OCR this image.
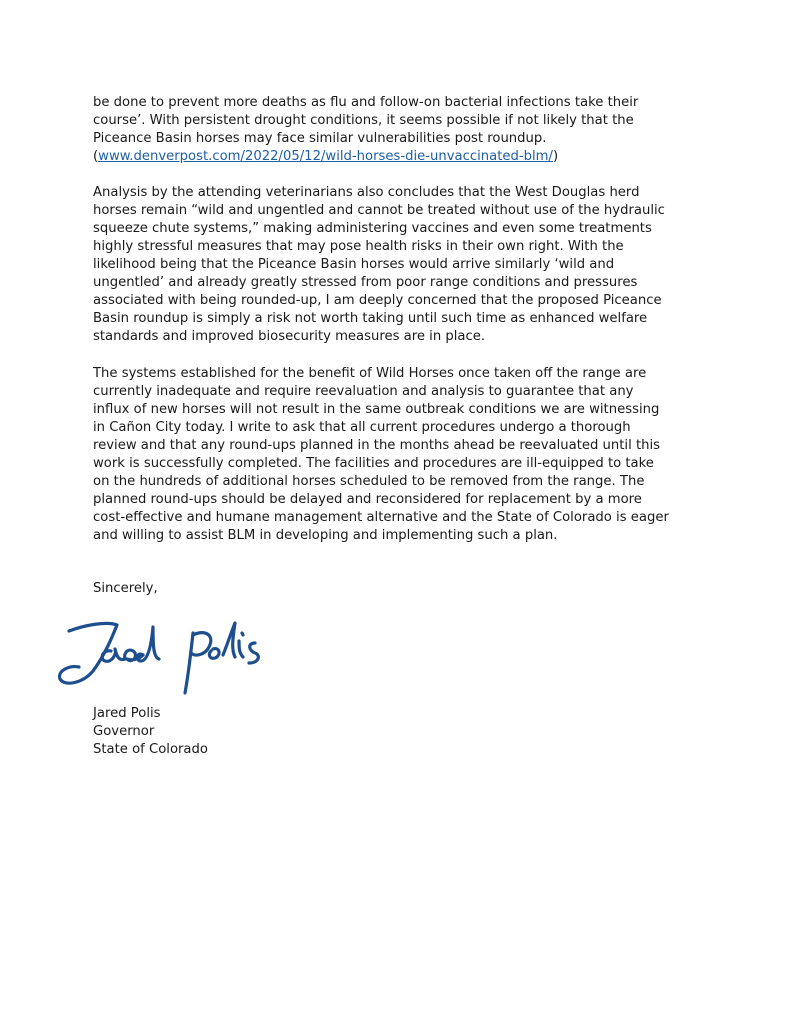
be done to prevent more deaths as flu and follow-on bacterial infections take their
course’. With persistent drought conditions, it seems possible if not likely that the
Piceance Basin horses may face similar vulnerabilities post roundup.
(www.denverpost.com/2022/05/12/wild-horses-die-unvaccinated-blm/)
Analysis by the attending veterinarians also concludes that the West Douglas herd
horses remain “wild and ungentled and cannot be treated without use of the hydraulic
squeeze chute systems,” making administering vaccines and even some treatments
highly stressful measures that may pose health risks in their own right. With the
likelihood being that the Piceance Basin horses would arrive similarly ‘wild and
ungentled’ and already greatly stressed from poor range conditions and pressures
associated with being rounded-up, I am deeply concerned that the proposed Piceance
Basin roundup is simply a risk not worth taking until such time as enhanced welfare
standards and improved biosecurity measures are in place.
The systems established for the benefit of Wild Horses once taken off the range are
currently inadequate and require reevaluation and analysis to guarantee that any
influx of new horses will not result in the same outbreak conditions we are witnessing
in Cañon City today. I write to ask that all current procedures undergo a thorough
review and that any round-ups planned in the months ahead be reevaluated until this
work is successfully completed. The facilities and procedures are ill-equipped to take
on the hundreds of additional horses scheduled to be removed from the range. The
planned round-ups should be delayed and reconsidered for replacement by a more
cost-effective and humane management alternative and the State of Colorado is eager
and willing to assist BLM in developing and implementing such a plan.
Sincerely,
Jared Polis
Governor
State of Colorado
